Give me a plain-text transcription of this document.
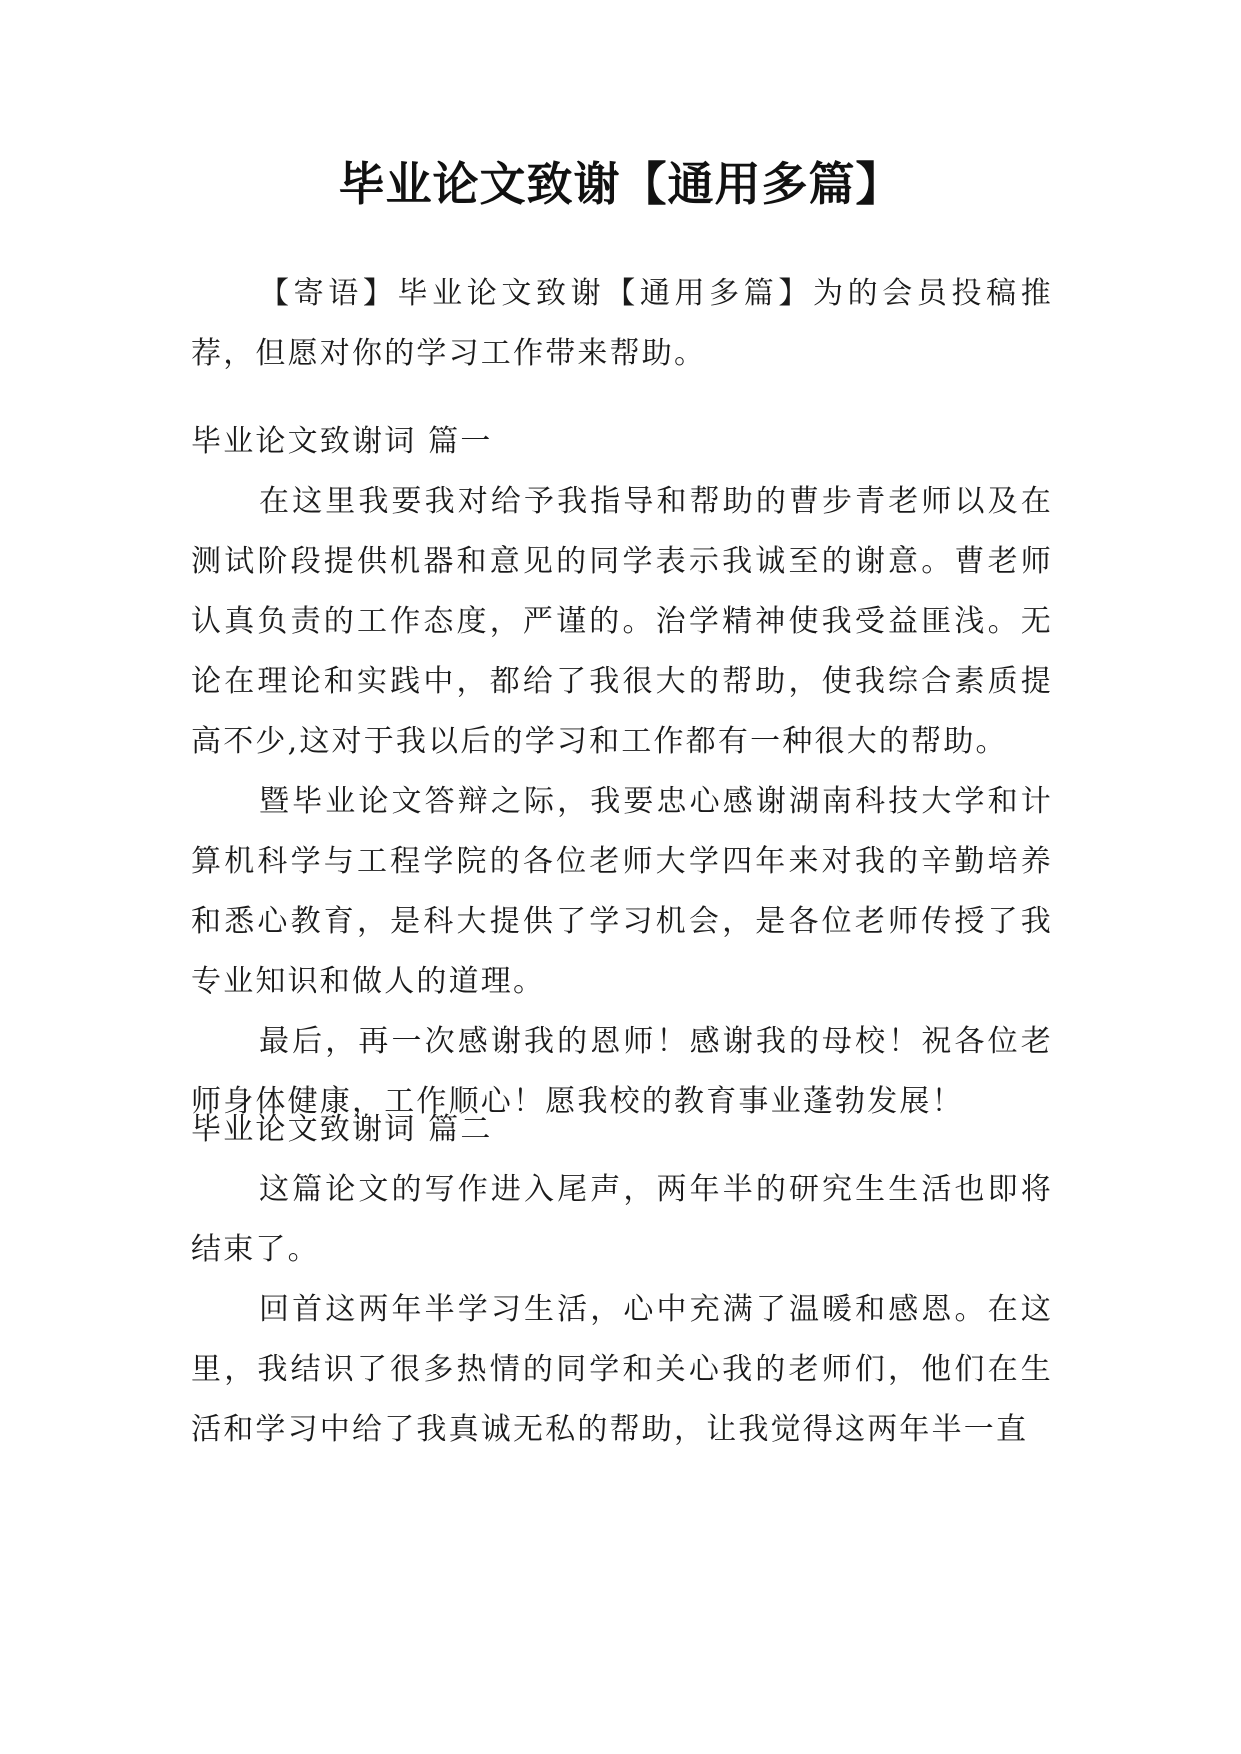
毕业论文致谢【通用多篇】

【寄语】毕业论文致谢【通用多篇】为的会员投稿推荐，但愿对你的学习工作带来帮助。

毕业论文致谢词 篇一

在这里我要我对给予我指导和帮助的曹步青老师以及在测试阶段提供机器和意见的同学表示我诚至的谢意。曹老师认真负责的工作态度，严谨的。治学精神使我受益匪浅。无论在理论和实践中，都给了我很大的帮助，使我综合素质提高不少,这对于我以后的学习和工作都有一种很大的帮助。

暨毕业论文答辩之际，我要忠心感谢湖南科技大学和计算机科学与工程学院的各位老师大学四年来对我的辛勤培养和悉心教育，是科大提供了学习机会，是各位老师传授了我专业知识和做人的道理。

最后，再一次感谢我的恩师！感谢我的母校！祝各位老师身体健康，工作顺心！愿我校的教育事业蓬勃发展！

毕业论文致谢词 篇二

这篇论文的写作进入尾声，两年半的研究生生活也即将结束了。

回首这两年半学习生活，心中充满了温暖和感恩。在这里，我结识了很多热情的同学和关心我的老师们，他们在生活和学习中给了我真诚无私的帮助，让我觉得这两年半一直
